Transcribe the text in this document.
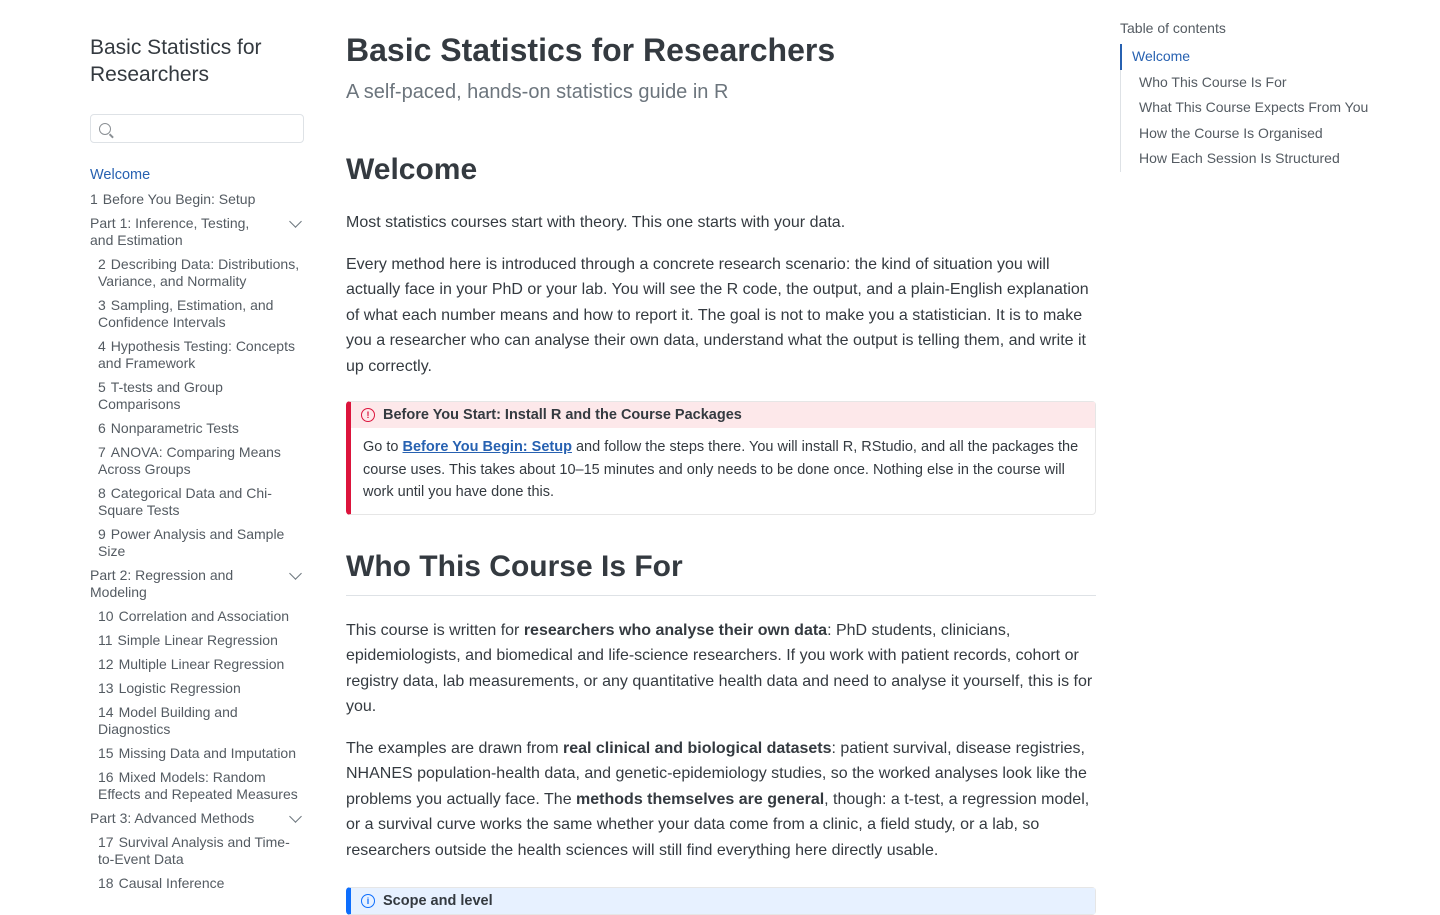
Basic Statistics for Researchers
Welcome
1 Before You Begin: Setup
Part 1: Inference, Testing, and Estimation
2 Describing Data: Distributions, Variance, and Normality
3 Sampling, Estimation, and Confidence Intervals
4 Hypothesis Testing: Concepts and Framework
5 T-tests and Group Comparisons
6 Nonparametric Tests
7 ANOVA: Comparing Means Across Groups
8 Categorical Data and Chi-Square Tests
9 Power Analysis and Sample Size
Part 2: Regression and Modeling
10 Correlation and Association
11 Simple Linear Regression
12 Multiple Linear Regression
13 Logistic Regression
14 Model Building and Diagnostics
15 Missing Data and Imputation
16 Mixed Models: Random Effects and Repeated Measures
Part 3: Advanced Methods
17 Survival Analysis and Time-to-Event Data
18 Causal Inference
Basic Statistics for Researchers
A self-paced, hands-on statistics guide in R
Welcome

Most statistics courses start with theory. This one starts with your data.

Every method here is introduced through a concrete research scenario: the kind of situation you will actually face in your PhD or your lab. You will see the R code, the output, and a plain-English explanation of what each number means and how to report it. The goal is not to make you a statistician. It is to make you a researcher who can analyse their own data, understand what the output is telling them, and write it up correctly.

! Before You Start: Install R and the Course Packages
Go to Before You Begin: Setup and follow the steps there. You will install R, RStudio, and all the packages the course uses. This takes about 10–15 minutes and only needs to be done once. Nothing else in the course will work until you have done this.
Who This Course Is For

This course is written for researchers who analyse their own data: PhD students, clinicians, epidemiologists, and biomedical and life-science researchers. If you work with patient records, cohort or registry data, lab measurements, or any quantitative health data and need to analyse it yourself, this is for you.

The examples are drawn from real clinical and biological datasets: patient survival, disease registries, NHANES population-health data, and genetic-epidemiology studies, so the worked analyses look like the problems you actually face. The methods themselves are general, though: a t-test, a regression model, or a survival curve works the same whether your data come from a clinic, a field study, or a lab, so researchers outside the health sciences will still find everything here directly usable.

i Scope and level
Table of contents
Welcome
Who This Course Is For
What This Course Expects From You
How the Course Is Organised
How Each Session Is Structured
